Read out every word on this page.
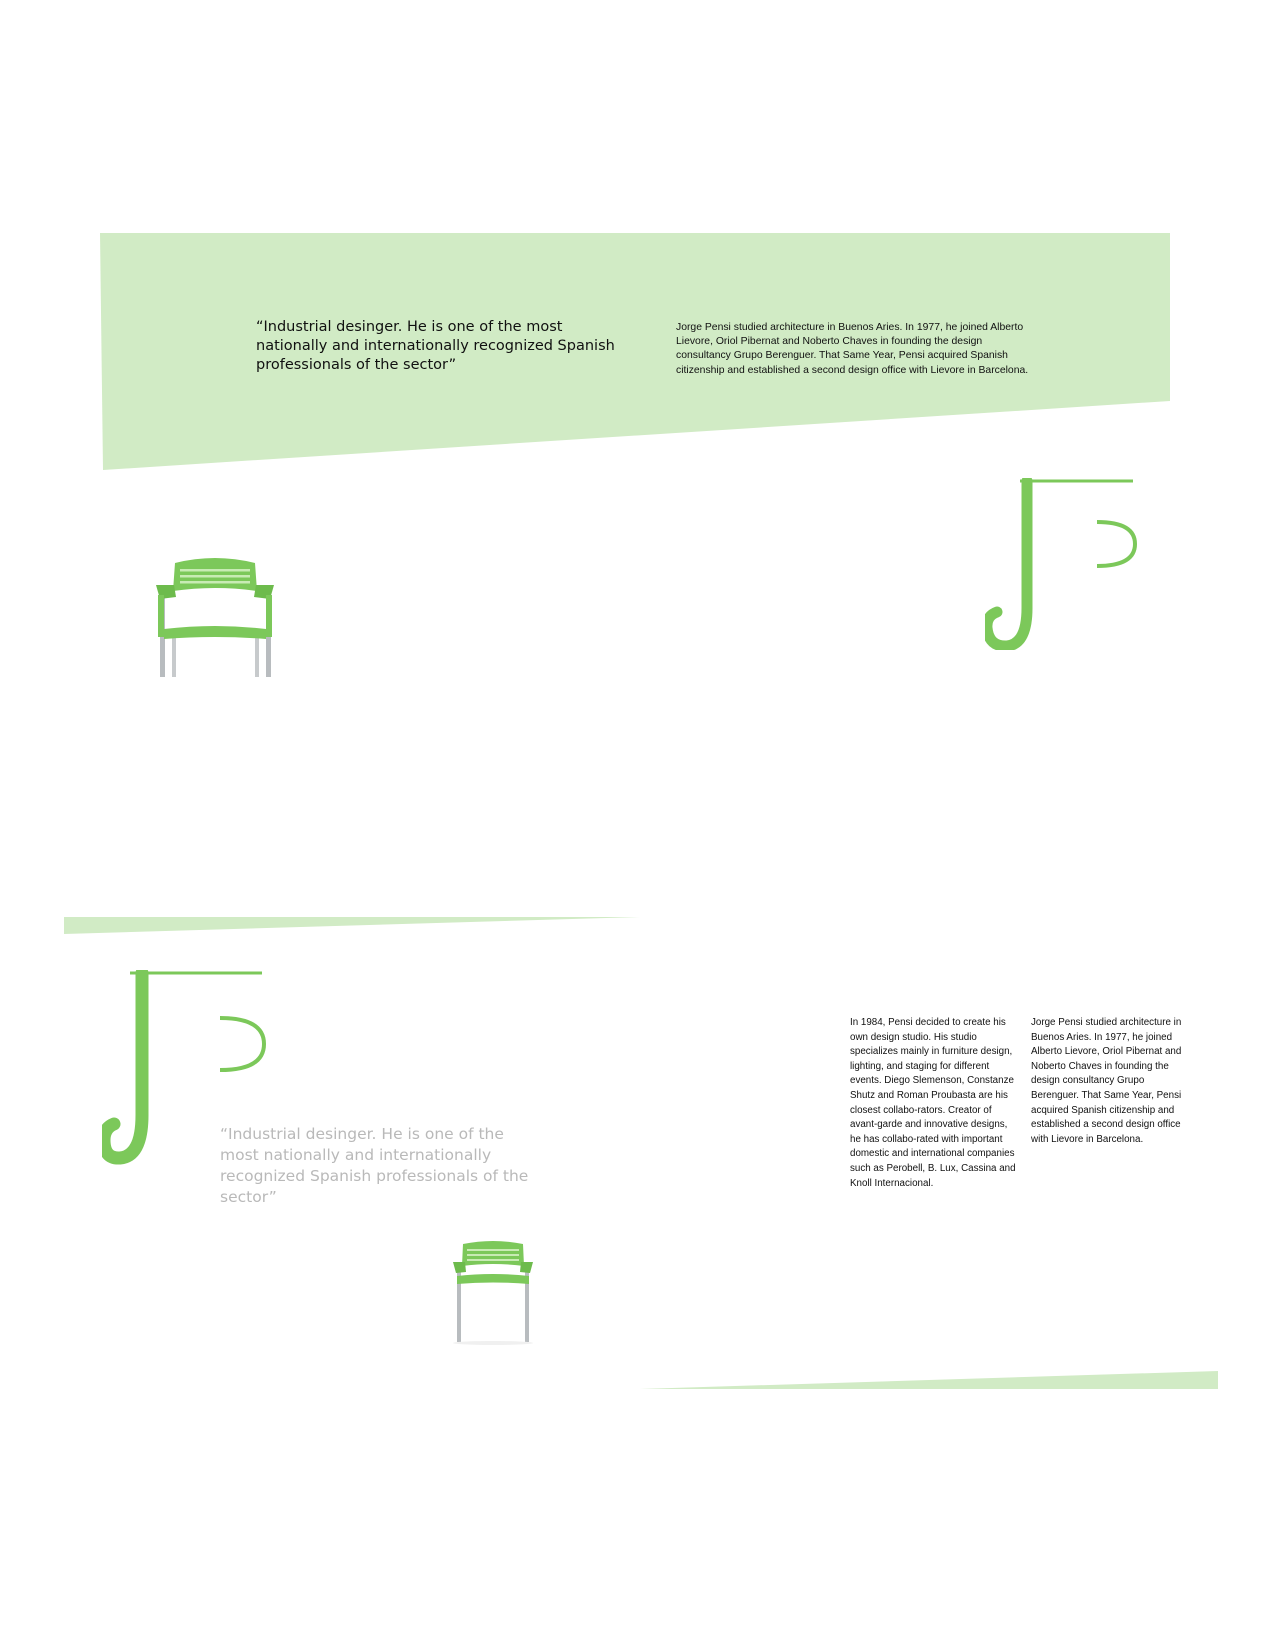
“Industrial desinger. He is one of the most nationally and internationally recognized Spanish professionals of the sector”
Jorge Pensi studied architecture in Buenos Aries. In 1977, he joined Alberto Lievore, Oriol Pibernat and Noberto Chaves in founding the design consultancy Grupo Berenguer. That Same Year, Pensi acquired Spanish citizenship and established a second design office with Lievore in Barcelona.
“Industrial desinger. He is one of the most nationally and internationally recognized Spanish professionals of the sector”
In 1984, Pensi decided to create his own design studio. His studio specializes mainly in furniture design, lighting, and staging for different events. Diego Slemenson, Constanze Shutz and Roman Proubasta are his closest collabo-rators. Creator of avant-garde and innovative designs, he has collabo-rated with important domestic and international companies such as Perobell, B. Lux, Cassina and Knoll Internacional.
Jorge Pensi studied architecture in Buenos Aries. In 1977, he joined Alberto Lievore, Oriol Pibernat and Noberto Chaves in founding the design consultancy Grupo Berenguer. That Same Year, Pensi acquired Spanish citizenship and established a second design office with Lievore in Barcelona.
